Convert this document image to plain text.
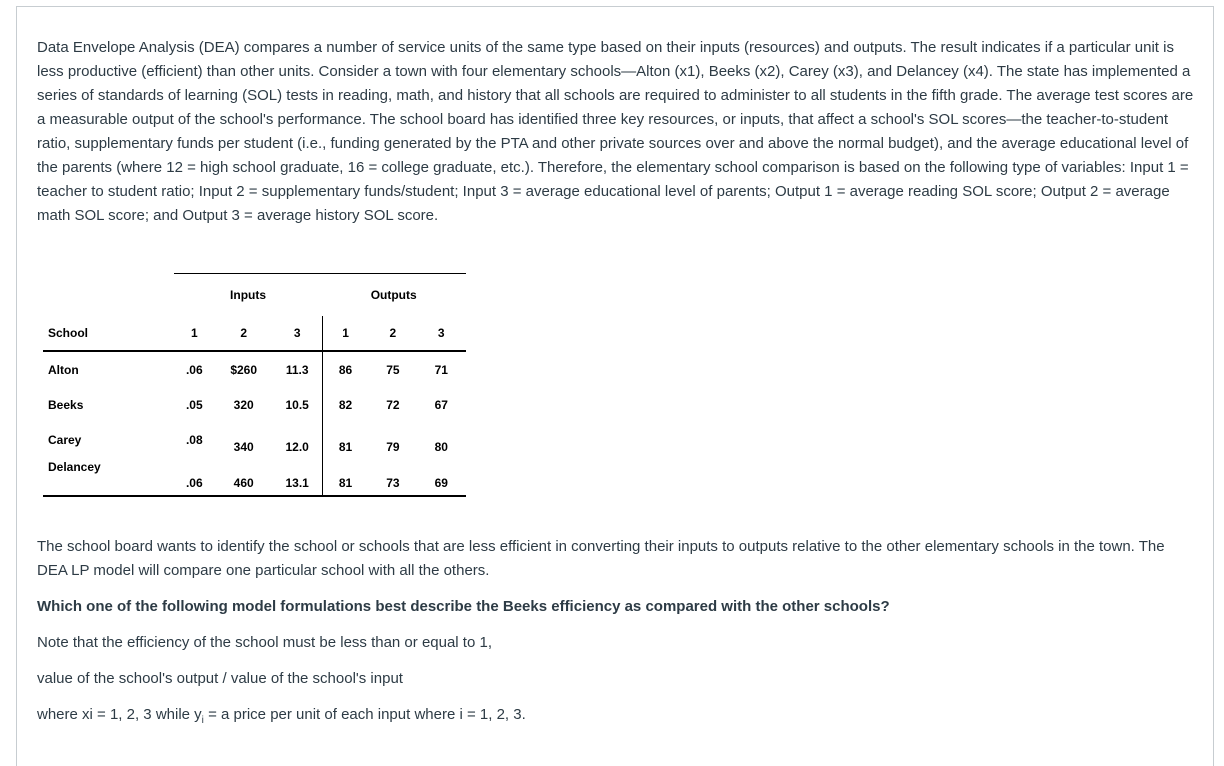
Data Envelope Analysis (DEA) compares a number of service units of the same type based on their inputs (resources) and outputs. The result indicates if a particular unit is less productive (efficient) than other units. Consider a town with four elementary schools—Alton (x1), Beeks (x2), Carey (x3), and Delancey (x4). The state has implemented a series of standards of learning (SOL) tests in reading, math, and history that all schools are required to administer to all students in the fifth grade. The average test scores are a measurable output of the school's performance. The school board has identified three key resources, or inputs, that affect a school's SOL scores—the teacher-to-student ratio, supplementary funds per student (i.e., funding generated by the PTA and other private sources over and above the normal budget), and the average educational level of the parents (where 12 = high school graduate, 16 = college graduate, etc.). Therefore, the elementary school comparison is based on the following type of variables: Input 1 = teacher to student ratio; Input 2 = supplementary funds/student; Input 3 = average educational level of parents; Output 1 = average reading SOL score; Output 2 = average math SOL score; and Output 3 = average history SOL score.

		Inputs			Outputs			
School		1	2	3	1	2	3	
Alton		.06	$260	11.3	86	75	71	
Beeks		.05	320	10.5	82	72	67	
Carey		.08	340	12.0	81	79	80	
Delancey		.06	460	13.1	81	73	69	

The school board wants to identify the school or schools that are less efficient in converting their inputs to outputs relative to the other elementary schools in the town. The DEA LP model will compare one particular school with all the others.

Which one of the following model formulations best describe the Beeks efficiency as compared with the other schools?

Note that the efficiency of the school must be less than or equal to 1,

value of the school's output / value of the school's input

where xi = 1, 2, 3 while $y_i = a$ price per unit of each input where i = 1, 2, 3.
